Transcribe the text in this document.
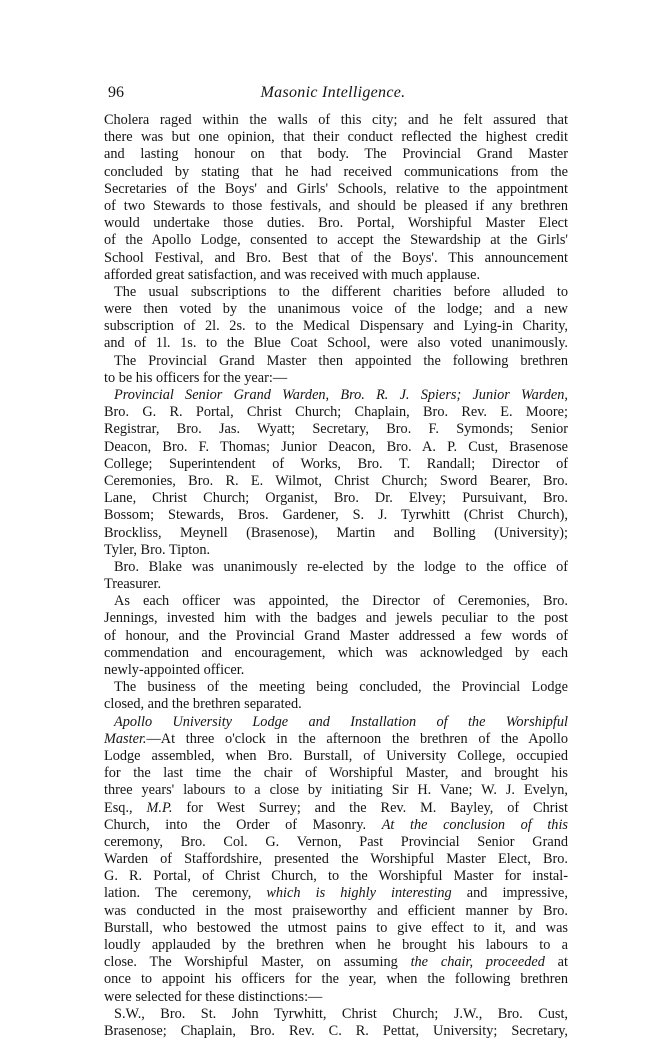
96	Masonic Intelligence.
Cholera raged within the walls of this city; and he felt assured that
there was but one opinion, that their conduct reflected the highest credit
and lasting honour on that body. The Provincial Grand Master
concluded by stating that he had received communications from the
Secretaries of the Boys' and Girls' Schools, relative to the appointment
of two Stewards to those festivals, and should be pleased if any brethren
would undertake those duties. Bro. Portal, Worshipful Master Elect
of the Apollo Lodge, consented to accept the Stewardship at the Girls'
School Festival, and Bro. Best that of the Boys'. This announcement
afforded great satisfaction, and was received with much applause.
The usual subscriptions to the different charities before alluded to
were then voted by the unanimous voice of the lodge; and a new
subscription of 2l. 2s. to the Medical Dispensary and Lying-in Charity,
and of 1l. 1s. to the Blue Coat School, were also voted unanimously.
The Provincial Grand Master then appointed the following brethren
to be his officers for the year:—
Provincial Senior Grand Warden, Bro. R. J. Spiers; Junior Warden,
Bro. G. R. Portal, Christ Church; Chaplain, Bro. Rev. E. Moore;
Registrar, Bro. Jas. Wyatt; Secretary, Bro. F. Symonds; Senior
Deacon, Bro. F. Thomas; Junior Deacon, Bro. A. P. Cust, Brasenose
College; Superintendent of Works, Bro. T. Randall; Director of
Ceremonies, Bro. R. E. Wilmot, Christ Church; Sword Bearer, Bro.
Lane, Christ Church; Organist, Bro. Dr. Elvey; Pursuivant, Bro.
Bossom; Stewards, Bros. Gardener, S. J. Tyrwhitt (Christ Church),
Brockliss, Meynell (Brasenose), Martin and Bolling (University);
Tyler, Bro. Tipton.
Bro. Blake was unanimously re-elected by the lodge to the office of
Treasurer.
As each officer was appointed, the Director of Ceremonies, Bro.
Jennings, invested him with the badges and jewels peculiar to the post
of honour, and the Provincial Grand Master addressed a few words of
commendation and encouragement, which was acknowledged by each
newly-appointed officer.
The business of the meeting being concluded, the Provincial Lodge
closed, and the brethren separated.
Apollo University Lodge and Installation of the Worshipful
Master.—At three o'clock in the afternoon the brethren of the Apollo
Lodge assembled, when Bro. Burstall, of University College, occupied
for the last time the chair of Worshipful Master, and brought his
three years' labours to a close by initiating Sir H. Vane; W. J. Evelyn,
Esq., M.P. for West Surrey; and the Rev. M. Bayley, of Christ
Church, into the Order of Masonry. At the conclusion of this
ceremony, Bro. Col. G. Vernon, Past Provincial Senior Grand
Warden of Staffordshire, presented the Worshipful Master Elect, Bro.
G. R. Portal, of Christ Church, to the Worshipful Master for instal-
lation. The ceremony, which is highly interesting and impressive,
was conducted in the most praiseworthy and efficient manner by Bro.
Burstall, who bestowed the utmost pains to give effect to it, and was
loudly applauded by the brethren when he brought his labours to a
close. The Worshipful Master, on assuming the chair, proceeded at
once to appoint his officers for the year, when the following brethren
were selected for these distinctions:—
S.W., Bro. St. John Tyrwhitt, Christ Church; J.W., Bro. Cust,
Brasenose; Chaplain, Bro. Rev. C. R. Pettat, University; Secretary,
